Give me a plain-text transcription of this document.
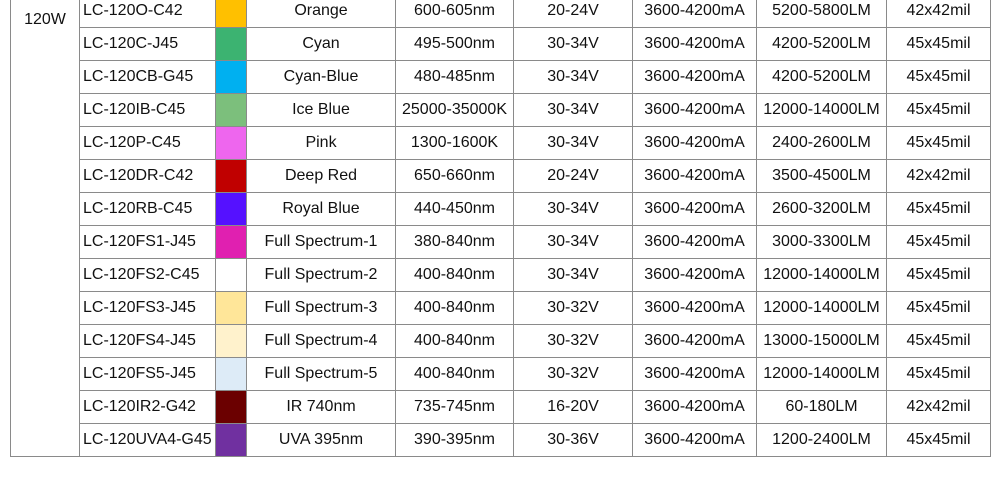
120W	LC-120O-C42		Orange	600-605nm	20-24V	3600-4200mA	5200-5800LM	42x42mil
	LC-120C-J45		Cyan	495-500nm	30-34V	3600-4200mA	4200-5200LM	45x45mil
	LC-120CB-G45		Cyan-Blue	480-485nm	30-34V	3600-4200mA	4200-5200LM	45x45mil
	LC-120IB-C45		Ice Blue	25000-35000K	30-34V	3600-4200mA	12000-14000LM	45x45mil
	LC-120P-C45		Pink	1300-1600K	30-34V	3600-4200mA	2400-2600LM	45x45mil
	LC-120DR-C42		Deep Red	650-660nm	20-24V	3600-4200mA	3500-4500LM	42x42mil
	LC-120RB-C45		Royal Blue	440-450nm	30-34V	3600-4200mA	2600-3200LM	45x45mil
	LC-120FS1-J45		Full Spectrum-1	380-840nm	30-34V	3600-4200mA	3000-3300LM	45x45mil
	LC-120FS2-C45		Full Spectrum-2	400-840nm	30-34V	3600-4200mA	12000-14000LM	45x45mil
	LC-120FS3-J45		Full Spectrum-3	400-840nm	30-32V	3600-4200mA	12000-14000LM	45x45mil
	LC-120FS4-J45		Full Spectrum-4	400-840nm	30-32V	3600-4200mA	13000-15000LM	45x45mil
	LC-120FS5-J45		Full Spectrum-5	400-840nm	30-32V	3600-4200mA	12000-14000LM	45x45mil
	LC-120IR2-G42		IR 740nm	735-745nm	16-20V	3600-4200mA	60-180LM	42x42mil
	LC-120UVA4-G45		UVA 395nm	390-395nm	30-36V	3600-4200mA	1200-2400LM	45x45mil
